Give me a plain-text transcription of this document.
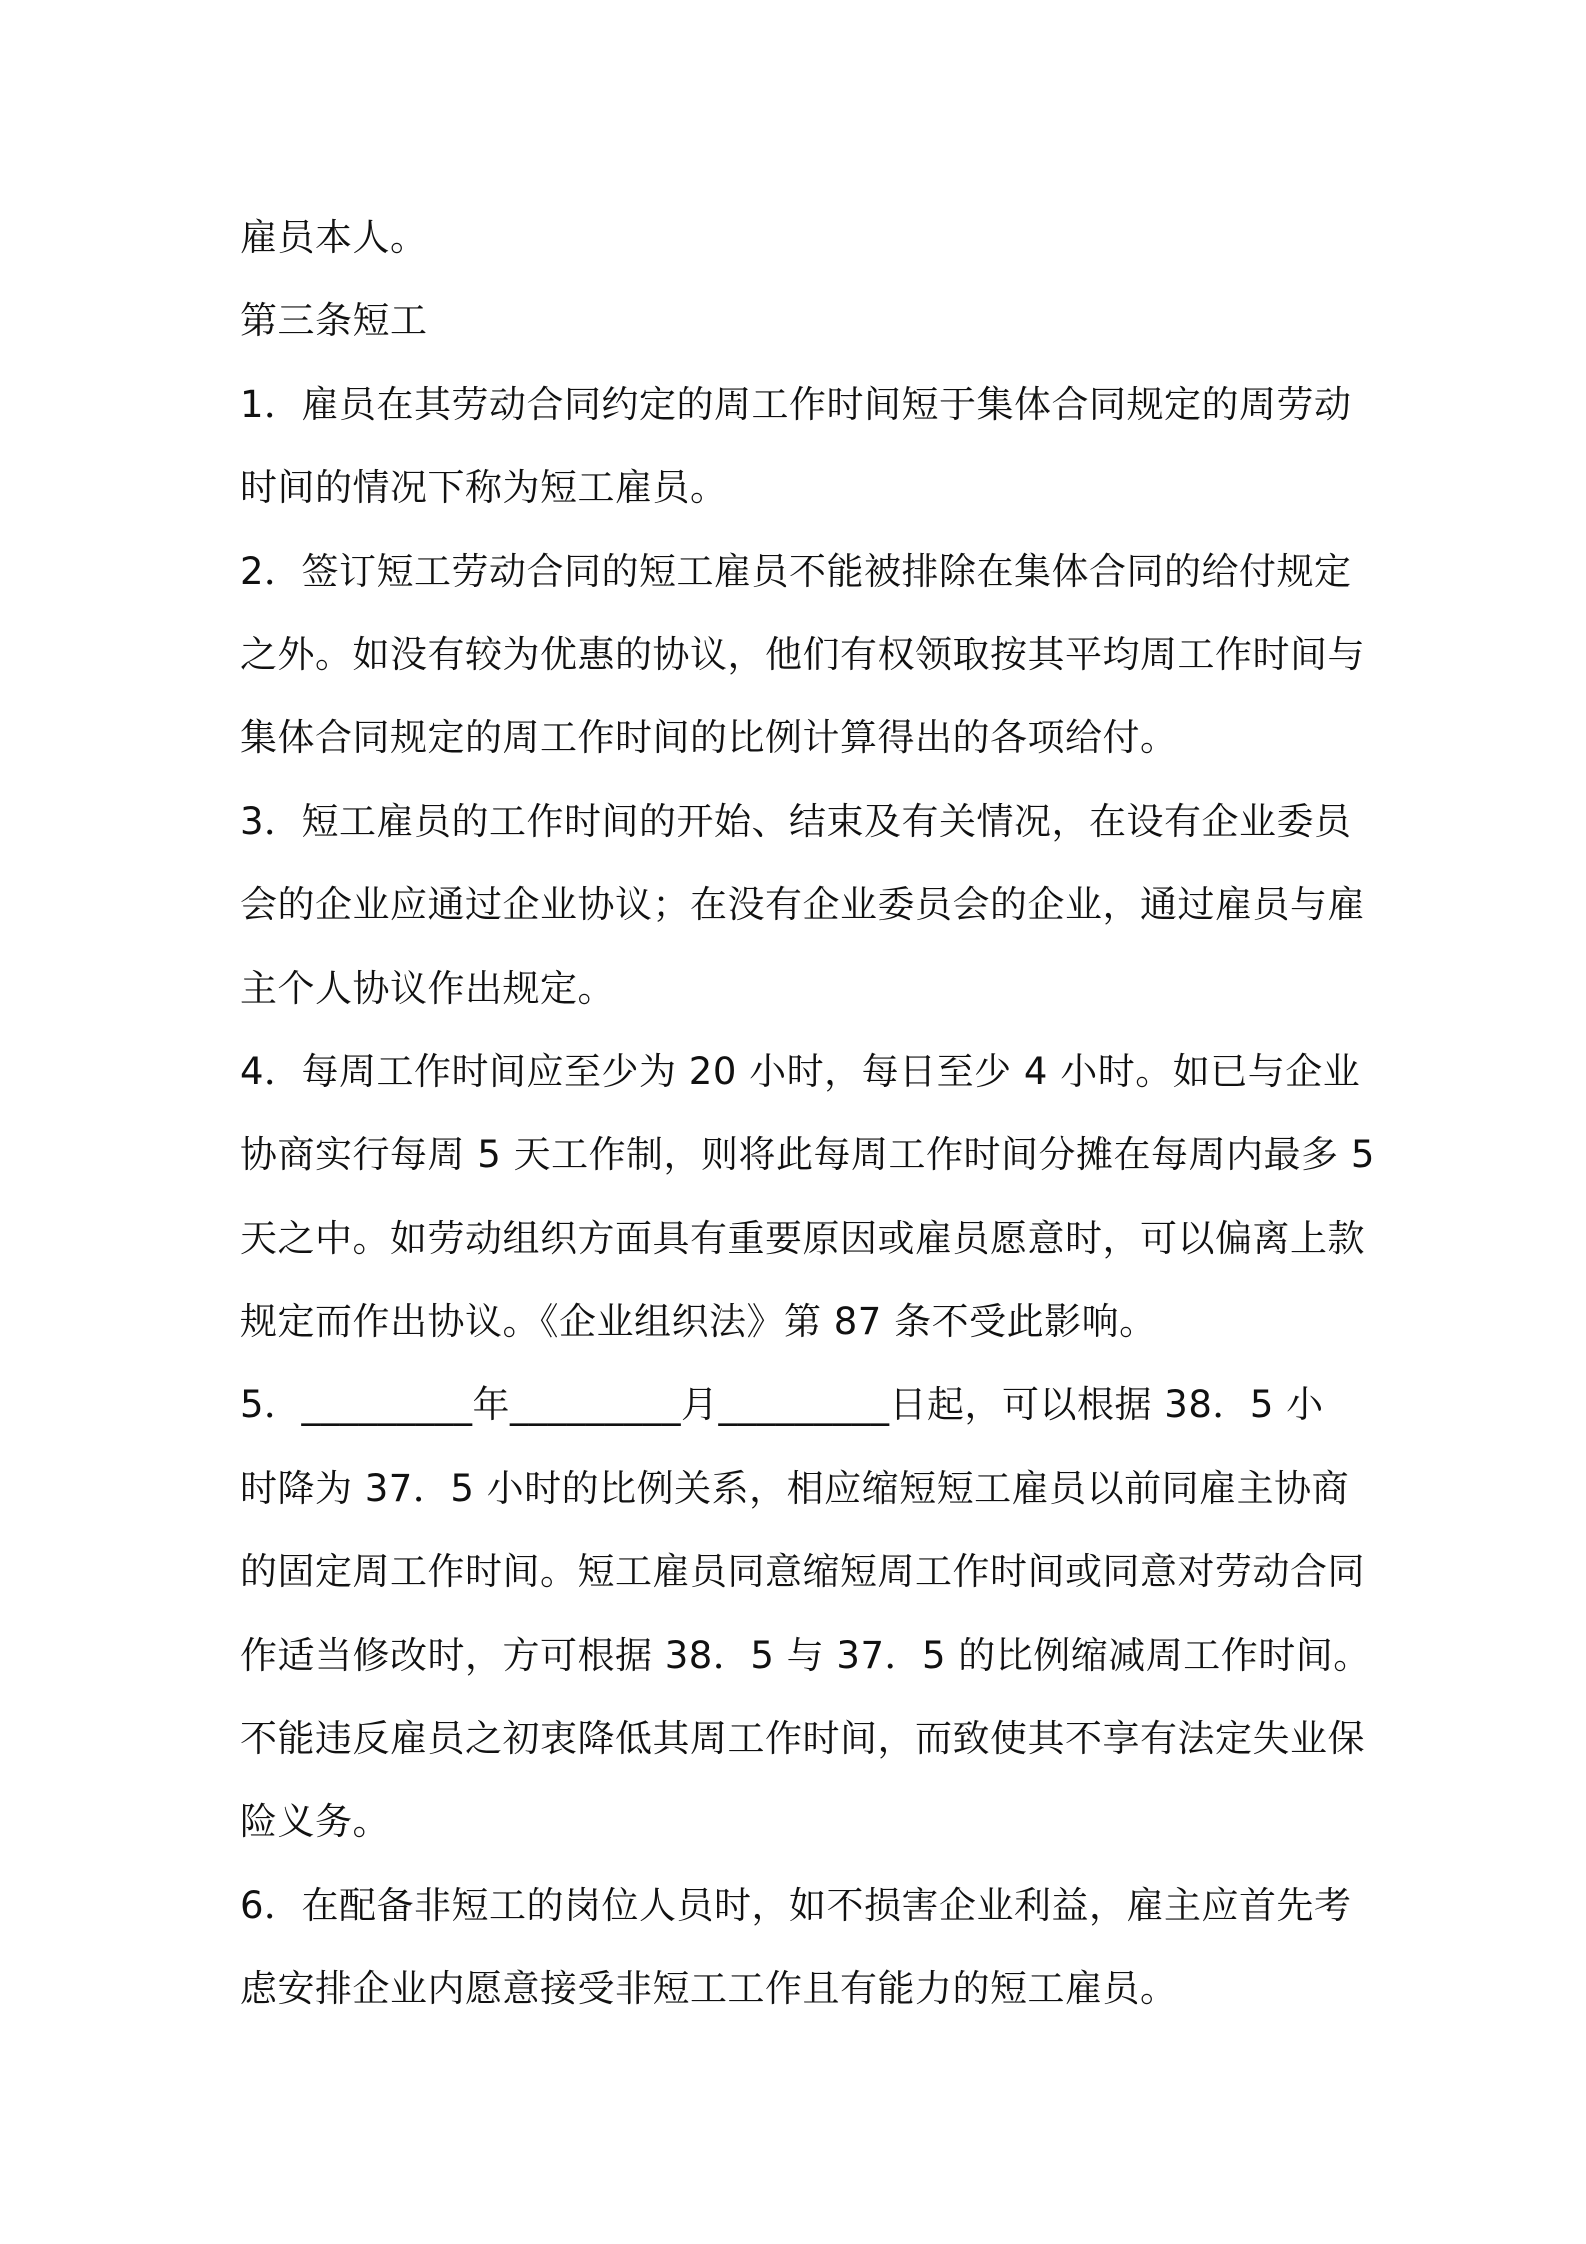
雇员本人。
第三条短工
1．雇员在其劳动合同约定的周工作时间短于集体合同规定的周劳动
时间的情况下称为短工雇员。
2．签订短工劳动合同的短工雇员不能被排除在集体合同的给付规定
之外。如没有较为优惠的协议，他们有权领取按其平均周工作时间与
集体合同规定的周工作时间的比例计算得出的各项给付。
3．短工雇员的工作时间的开始、结束及有关情况，在设有企业委员
会的企业应通过企业协议；在没有企业委员会的企业，通过雇员与雇
主个人协议作出规定。
4．每周工作时间应至少为 20 小时，每日至少 4 小时。如已与企业
协商实行每周 5 天工作制，则将此每周工作时间分摊在每周内最多 5
天之中。如劳动组织方面具有重要原因或雇员愿意时，可以偏离上款
规定而作出协议。《企业组织法》第 87 条不受此影响。
5．_________年_________月_________日起，可以根据 38．5 小
时降为 37．5 小时的比例关系，相应缩短短工雇员以前同雇主协商
的固定周工作时间。短工雇员同意缩短周工作时间或同意对劳动合同
作适当修改时，方可根据 38．5 与 37．5 的比例缩减周工作时间。
不能违反雇员之初衷降低其周工作时间，而致使其不享有法定失业保
险义务。
6．在配备非短工的岗位人员时，如不损害企业利益，雇主应首先考
虑安排企业内愿意接受非短工工作且有能力的短工雇员。
